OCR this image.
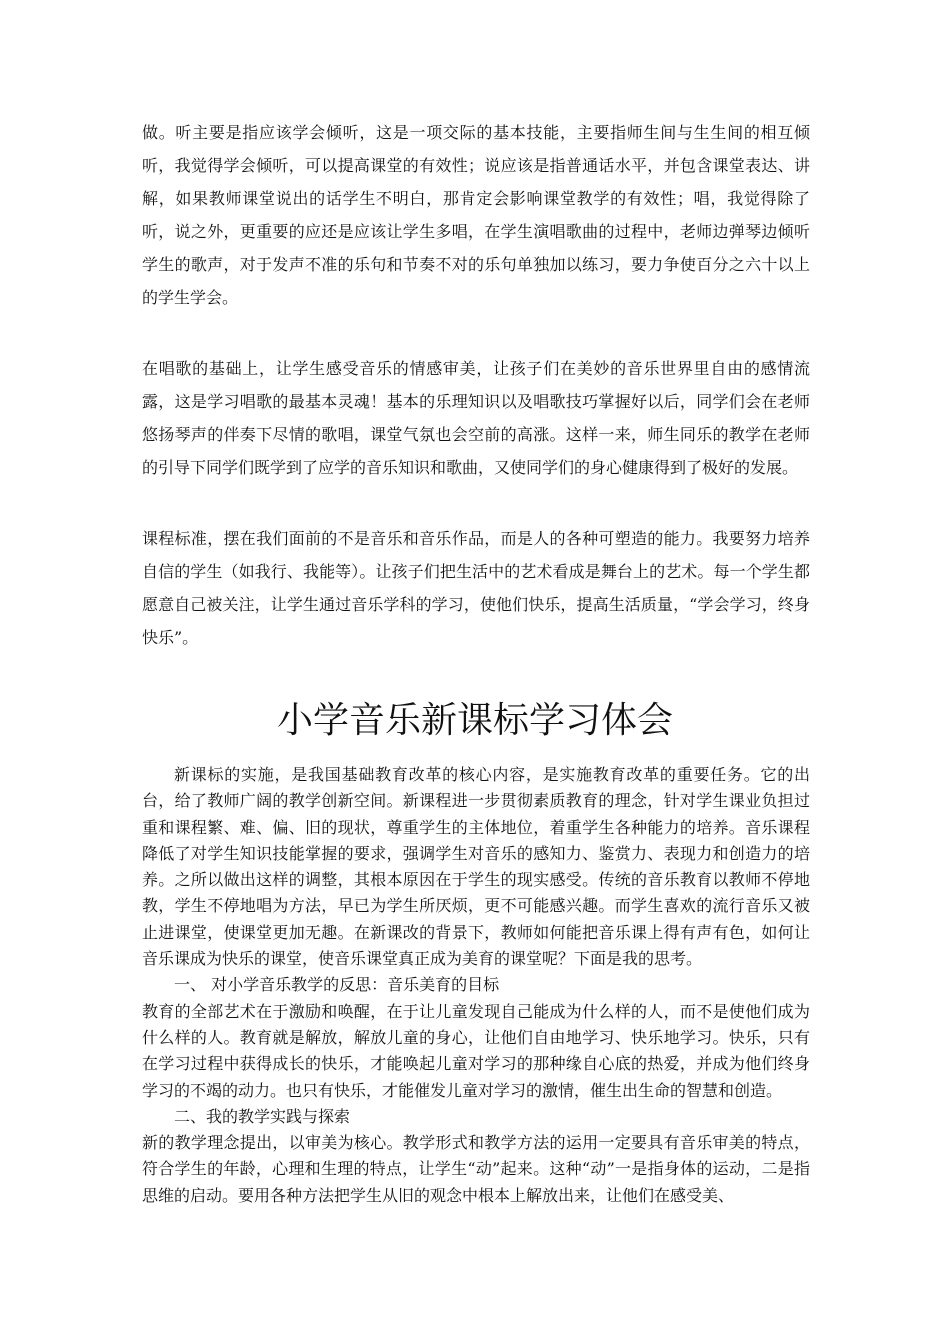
做。听主要是指应该学会倾听，这是一项交际的基本技能，主要指师生间与生生间的相互倾听，我觉得学会倾听，可以提高课堂的有效性；说应该是指普通话水平，并包含课堂表达、讲解，如果教师课堂说出的话学生不明白，那肯定会影响课堂教学的有效性；唱，我觉得除了听，说之外，更重要的应还是应该让学生多唱，在学生演唱歌曲的过程中，老师边弹琴边倾听学生的歌声，对于发声不准的乐句和节奏不对的乐句单独加以练习，要力争使百分之六十以上的学生学会。

在唱歌的基础上，让学生感受音乐的情感审美，让孩子们在美妙的音乐世界里自由的感情流露，这是学习唱歌的最基本灵魂！基本的乐理知识以及唱歌技巧掌握好以后，同学们会在老师悠扬琴声的伴奏下尽情的歌唱，课堂气氛也会空前的高涨。这样一来，师生同乐的教学在老师的引导下同学们既学到了应学的音乐知识和歌曲，又使同学们的身心健康得到了极好的发展。

课程标准，摆在我们面前的不是音乐和音乐作品，而是人的各种可塑造的能力。我要努力培养自信的学生（如我行、我能等）。让孩子们把生活中的艺术看成是舞台上的艺术。每一个学生都愿意自己被关注，让学生通过音乐学科的学习，使他们快乐，提高生活质量，“学会学习，终身快乐”。

小学音乐新课标学习体会

新课标的实施，是我国基础教育改革的核心内容，是实施教育改革的重要任务。它的出台，给了教师广阔的教学创新空间。新课程进一步贯彻素质教育的理念，针对学生课业负担过重和课程繁、难、偏、旧的现状，尊重学生的主体地位，着重学生各种能力的培养。音乐课程降低了对学生知识技能掌握的要求，强调学生对音乐的感知力、鉴赏力、表现力和创造力的培养。之所以做出这样的调整，其根本原因在于学生的现实感受。传统的音乐教育以教师不停地教，学生不停地唱为方法，早已为学生所厌烦，更不可能感兴趣。而学生喜欢的流行音乐又被止进课堂，使课堂更加无趣。在新课改的背景下，教师如何能把音乐课上得有声有色，如何让音乐课成为快乐的课堂，使音乐课堂真正成为美育的课堂呢？下面是我的思考。

一、 对小学音乐教学的反思：音乐美育的目标

教育的全部艺术在于激励和唤醒，在于让儿童发现自己能成为什么样的人，而不是使他们成为什么样的人。教育就是解放，解放儿童的身心，让他们自由地学习、快乐地学习。快乐，只有在学习过程中获得成长的快乐，才能唤起儿童对学习的那种缘自心底的热爱，并成为他们终身学习的不竭的动力。也只有快乐，才能催发儿童对学习的激情，催生出生命的智慧和创造。

二、我的教学实践与探索

新的教学理念提出，以审美为核心。教学形式和教学方法的运用一定要具有音乐审美的特点，符合学生的年龄，心理和生理的特点，让学生“动”起来。这种“动”一是指身体的运动，二是指思维的启动。要用各种方法把学生从旧的观念中根本上解放出来，让他们在感受美、
